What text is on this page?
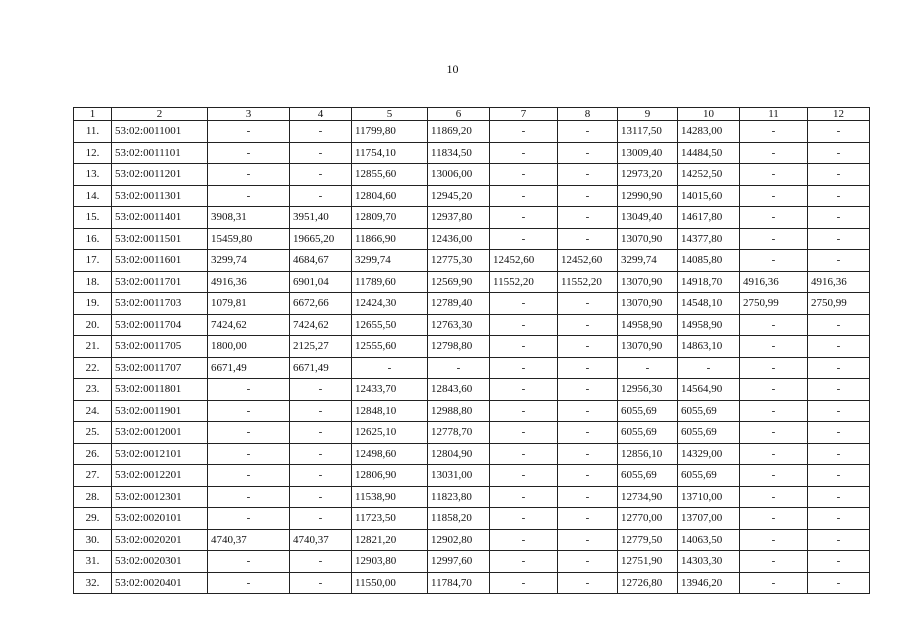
10
1	2	3	4	5	6	7	8	9	10	11	12
11.	53:02:0011001	-	-	11799,80	11869,20	-	-	13117,50	14283,00	-	-
12.	53:02:0011101	-	-	11754,10	11834,50	-	-	13009,40	14484,50	-	-
13.	53:02:0011201	-	-	12855,60	13006,00	-	-	12973,20	14252,50	-	-
14.	53:02:0011301	-	-	12804,60	12945,20	-	-	12990,90	14015,60	-	-
15.	53:02:0011401	3908,31	3951,40	12809,70	12937,80	-	-	13049,40	14617,80	-	-
16.	53:02:0011501	15459,80	19665,20	11866,90	12436,00	-	-	13070,90	14377,80	-	-
17.	53:02:0011601	3299,74	4684,67	3299,74	12775,30	12452,60	12452,60	3299,74	14085,80	-	-
18.	53:02:0011701	4916,36	6901,04	11789,60	12569,90	11552,20	11552,20	13070,90	14918,70	4916,36	4916,36
19.	53:02:0011703	1079,81	6672,66	12424,30	12789,40	-	-	13070,90	14548,10	2750,99	2750,99
20.	53:02:0011704	7424,62	7424,62	12655,50	12763,30	-	-	14958,90	14958,90	-	-
21.	53:02:0011705	1800,00	2125,27	12555,60	12798,80	-	-	13070,90	14863,10	-	-
22.	53:02:0011707	6671,49	6671,49	-	-	-	-	-	-	-	-
23.	53:02:0011801	-	-	12433,70	12843,60	-	-	12956,30	14564,90	-	-
24.	53:02:0011901	-	-	12848,10	12988,80	-	-	6055,69	6055,69	-	-
25.	53:02:0012001	-	-	12625,10	12778,70	-	-	6055,69	6055,69	-	-
26.	53:02:0012101	-	-	12498,60	12804,90	-	-	12856,10	14329,00	-	-
27.	53:02:0012201	-	-	12806,90	13031,00	-	-	6055,69	6055,69	-	-
28.	53:02:0012301	-	-	11538,90	11823,80	-	-	12734,90	13710,00	-	-
29.	53:02:0020101	-	-	11723,50	11858,20	-	-	12770,00	13707,00	-	-
30.	53:02:0020201	4740,37	4740,37	12821,20	12902,80	-	-	12779,50	14063,50	-	-
31.	53:02:0020301	-	-	12903,80	12997,60	-	-	12751,90	14303,30	-	-
32.	53:02:0020401	-	-	11550,00	11784,70	-	-	12726,80	13946,20	-	-
